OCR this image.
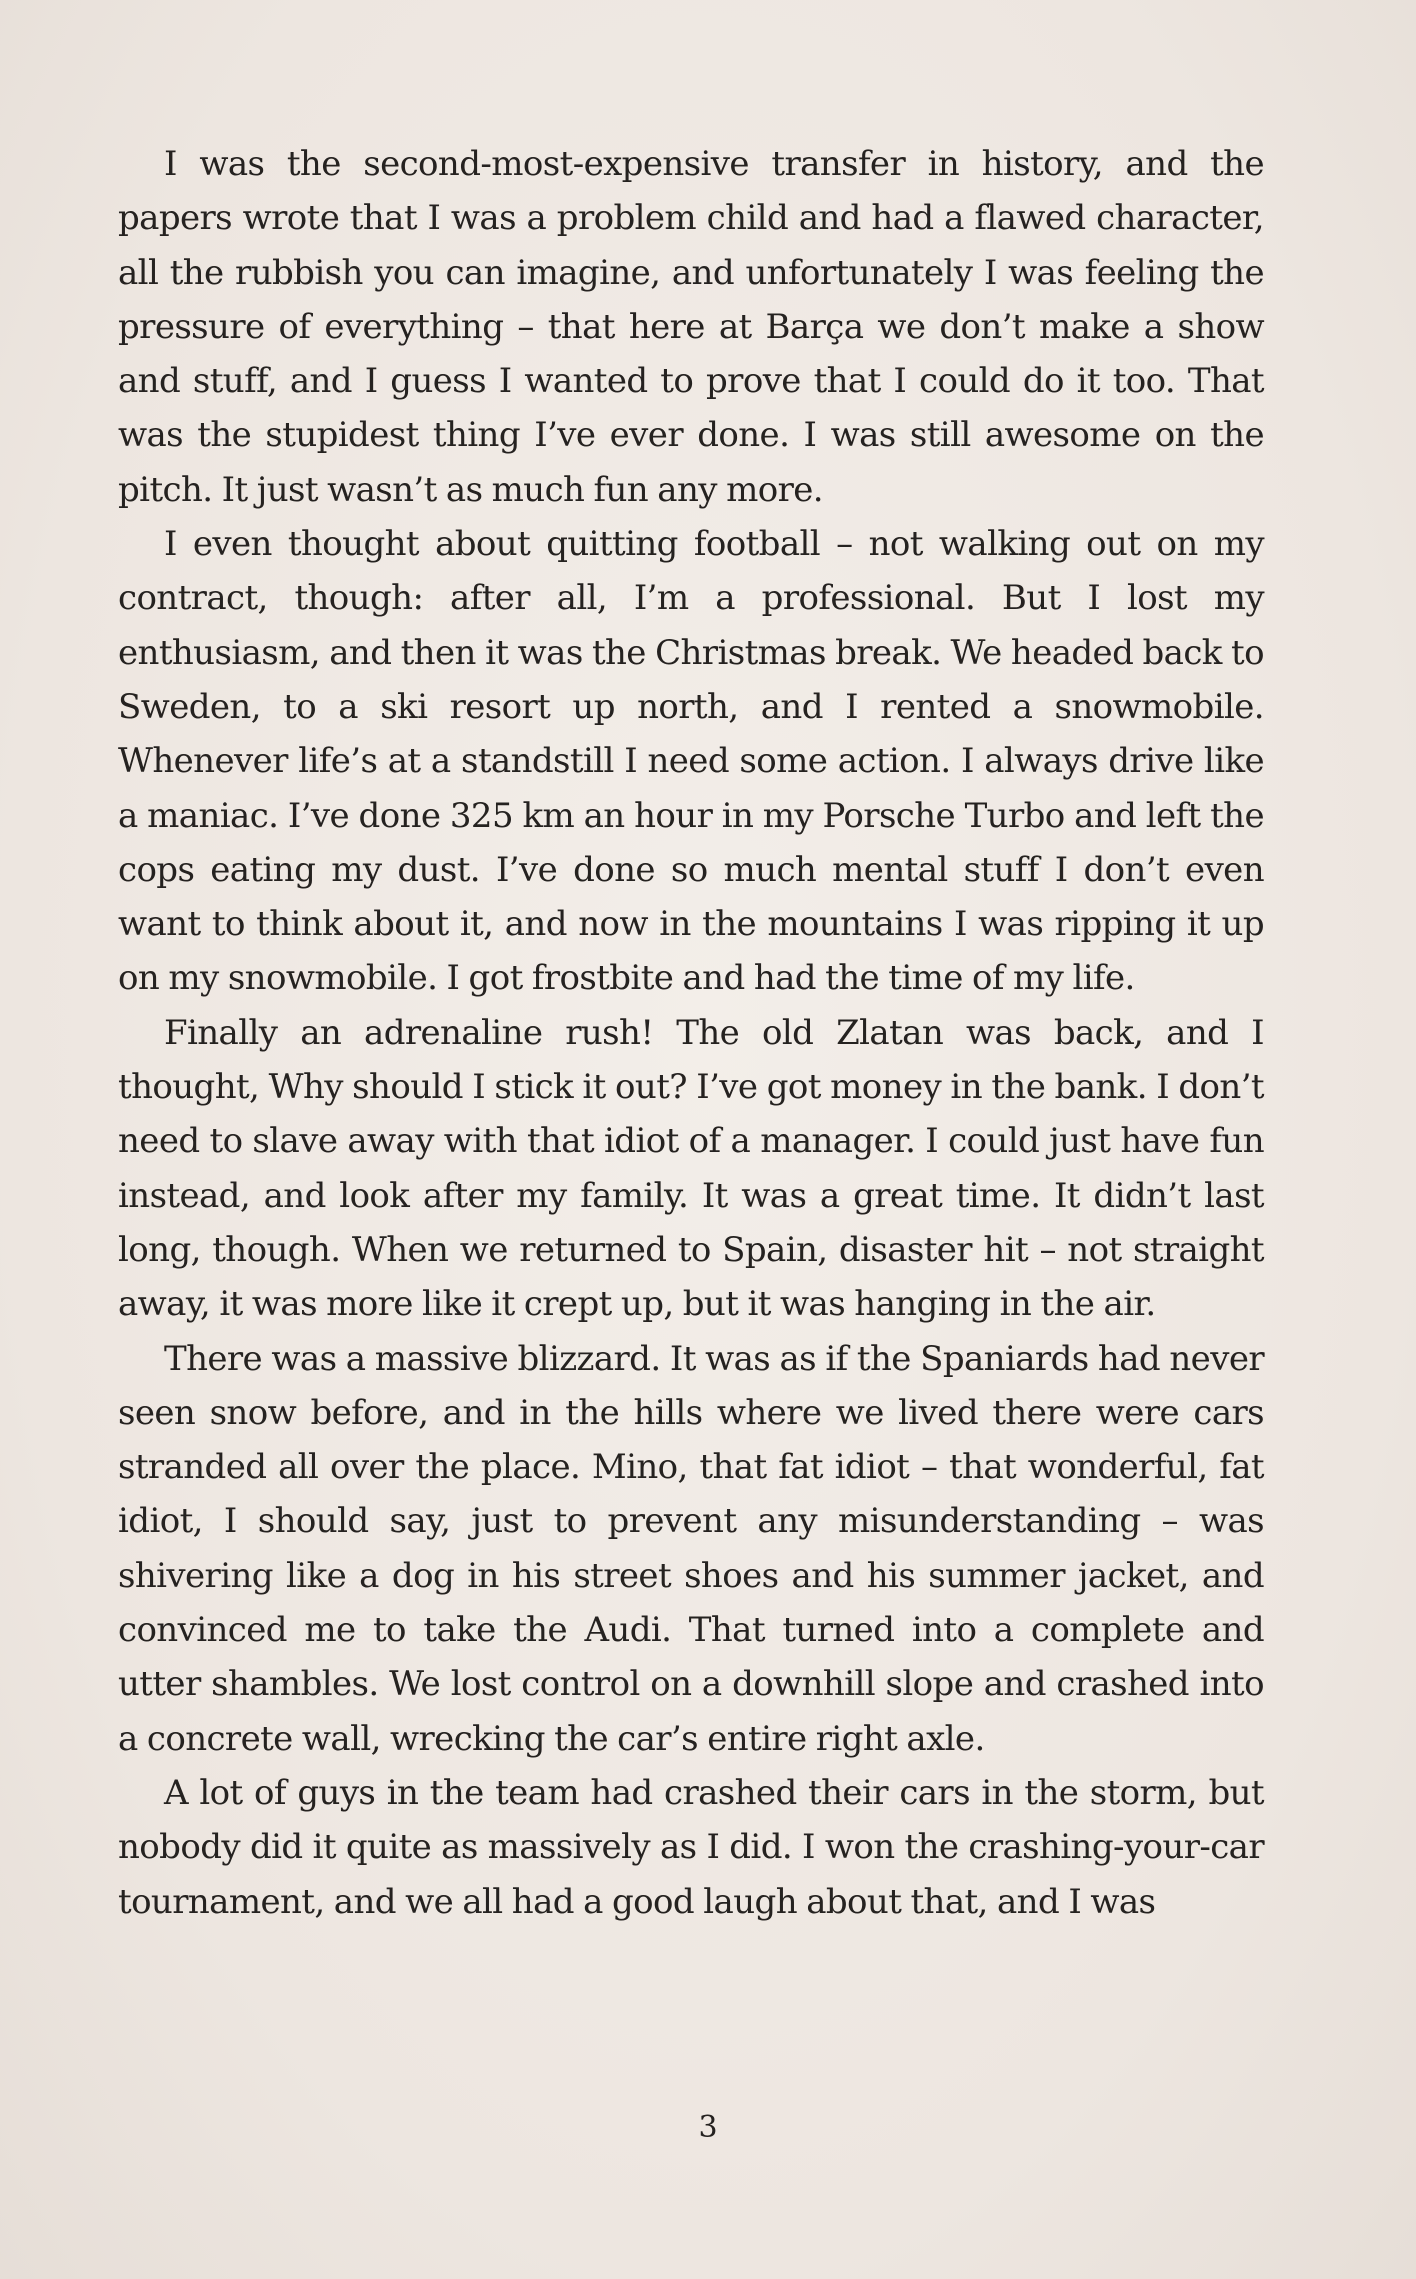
I was the second-most-expensive transfer in history, and the papers wrote that I was a problem child and had a flawed character, all the rubbish you can imagine, and unfortunately I was feeling the pressure of everything – that here at Barça we don’t make a show and stuff, and I guess I wanted to prove that I could do it too. That was the stupidest thing I’ve ever done. I was still awesome on the pitch. It just wasn’t as much fun any more.

I even thought about quitting football – not walking out on my contract, though: after all, I’m a professional. But I lost my enthusiasm, and then it was the Christmas break. We headed back to Sweden, to a ski resort up north, and I rented a snowmobile. Whenever life’s at a standstill I need some action. I always drive like a maniac. I’ve done 325 km an hour in my Porsche Turbo and left the cops eating my dust. I’ve done so much mental stuff I don’t even want to think about it, and now in the mountains I was ripping it up on my snowmobile. I got frostbite and had the time of my life.

Finally an adrenaline rush! The old Zlatan was back, and I thought, Why should I stick it out? I’ve got money in the bank. I don’t need to slave away with that idiot of a manager. I could just have fun instead, and look after my family. It was a great time. It didn’t last long, though. When we returned to Spain, disaster hit – not straight away, it was more like it crept up, but it was hanging in the air.

There was a massive blizzard. It was as if the Spaniards had never seen snow before, and in the hills where we lived there were cars stranded all over the place. Mino, that fat idiot – that wonderful, fat idiot, I should say, just to prevent any misunderstanding – was shivering like a dog in his street shoes and his summer jacket, and convinced me to take the Audi. That turned into a complete and utter shambles. We lost control on a downhill slope and crashed into a concrete wall, wrecking the car’s entire right axle.

A lot of guys in the team had crashed their cars in the storm, but nobody did it quite as massively as I did. I won the crashing-your-car tournament, and we all had a good laugh about that, and I was

3
